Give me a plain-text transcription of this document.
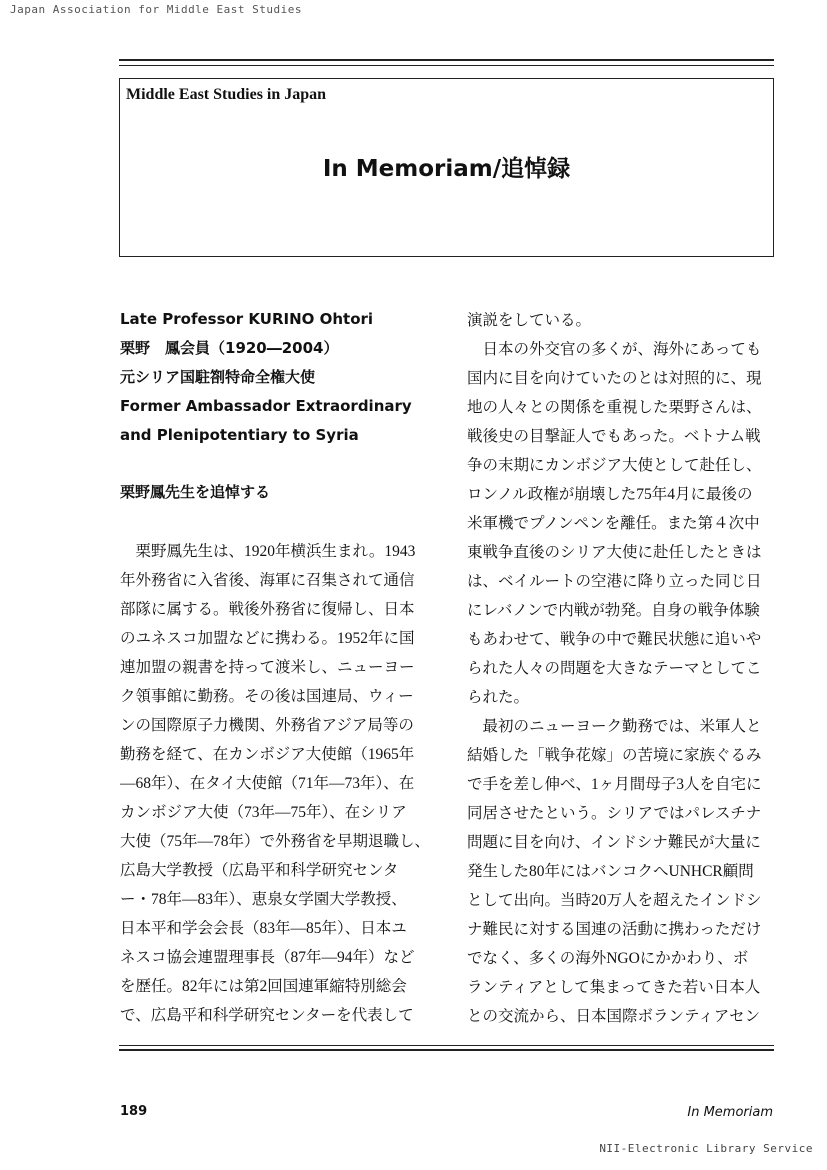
Japan Association for Middle East Studies
Middle East Studies in Japan
In Memoriam/追悼録
Late Professor KURINO Ohtori
栗野　鳳会員（1920―2004）
元シリア国駐劄特命全権大使
Former Ambassador Extraordinary
and Plenipotentiary to Syria
栗野鳳先生を追悼する
　栗野鳳先生は、1920年横浜生まれ。1943
年外務省に入省後、海軍に召集されて通信
部隊に属する。戦後外務省に復帰し、日本
のユネスコ加盟などに携わる。1952年に国
連加盟の親書を持って渡米し、ニューヨー
ク領事館に勤務。その後は国連局、ウィー
ンの国際原子力機関、外務省アジア局等の
勤務を経て、在カンボジア大使館（1965年
―68年）、在タイ大使館（71年―73年）、在
カンボジア大使（73年―75年）、在シリア
大使（75年―78年）で外務省を早期退職し、
広島大学教授（広島平和科学研究センタ
ー・78年―83年）、恵泉女学園大学教授、
日本平和学会会長（83年―85年）、日本ユ
ネスコ協会連盟理事長（87年―94年）など
を歴任。82年には第2回国連軍縮特別総会
で、広島平和科学研究センターを代表して
演説をしている。
　日本の外交官の多くが、海外にあっても
国内に目を向けていたのとは対照的に、現
地の人々との関係を重視した栗野さんは、
戦後史の目撃証人でもあった。ベトナム戦
争の末期にカンボジア大使として赴任し、
ロンノル政権が崩壊した75年4月に最後の
米軍機でプノンペンを離任。また第４次中
東戦争直後のシリア大使に赴任したときは
は、ベイルートの空港に降り立った同じ日
にレバノンで内戦が勃発。自身の戦争体験
もあわせて、戦争の中で難民状態に追いや
られた人々の問題を大きなテーマとしてこ
られた。
　最初のニューヨーク勤務では、米軍人と
結婚した「戦争花嫁」の苦境に家族ぐるみ
で手を差し伸べ、1ヶ月間母子3人を自宅に
同居させたという。シリアではパレスチナ
問題に目を向け、インドシナ難民が大量に
発生した80年にはバンコクへUNHCR顧問
として出向。当時20万人を超えたインドシ
ナ難民に対する国連の活動に携わっただけ
でなく、多くの海外NGOにかかわり、ボ
ランティアとして集まってきた若い日本人
との交流から、日本国際ボランティアセン
189	In Memoriam
NII-Electronic Library Service
